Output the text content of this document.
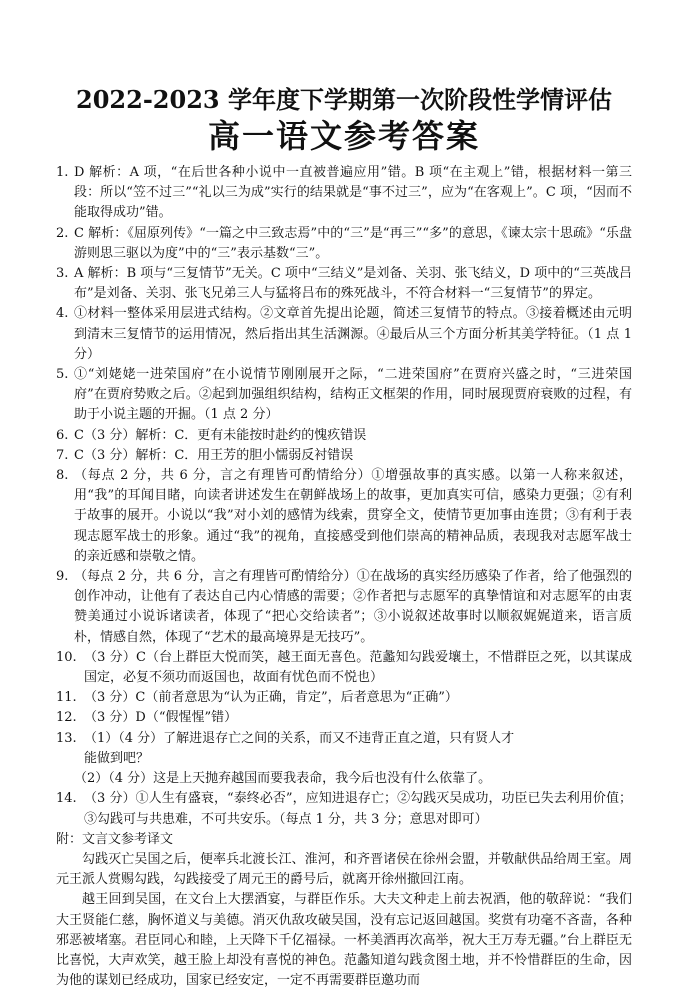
2022-2023 学年度下学期第一次阶段性学情评估
高一语文参考答案
1. D 解析：A 项，“在后世各种小说中一直被普遍应用”错。B 项“在主观上”错，根据材料一第三段：所以“笠不过三”“礼以三为成”实行的结果就是“事不过三”，应为“在客观上”。C 项，“因而不能取得成功”错。
2. C 解析：《屈原列传》“一篇之中三致志焉”中的“三”是“再三”“多”的意思，《谏太宗十思疏》“乐盘游则思三驱以为度”中的“三”表示基数“三”。
3. A 解析：B 项与“三复情节”无关。C 项中“三结义”是刘备、关羽、张飞结义，D 项中的“三英战吕布”是刘备、关羽、张飞兄弟三人与猛将吕布的殊死战斗，不符合材料一“三复情节”的界定。
4. ①材料一整体采用层进式结构。②文章首先提出论题，简述三复情节的特点。③接着概述由元明到清末三复情节的运用情况，然后指出其生活渊源。④最后从三个方面分析其美学特征。（1 点 1 分）
5. ①“刘姥姥一进荣国府”在小说情节刚刚展开之际，“二进荣国府”在贾府兴盛之时，“三进荣国府”在贾府势败之后。②起到加强组织结构，结构正文框架的作用，同时展现贾府衰败的过程，有助于小说主题的开掘。（1 点 2 分）
6. C（3 分）解析：C．更有未能按时赴约的愧疚错误
7. C（3 分）解析：C．用王芳的胆小懦弱反衬错误
8. （每点 2 分，共 6 分，言之有理皆可酌情给分）①增强故事的真实感。以第一人称来叙述，用“我”的耳闻目睹，向读者讲述发生在朝鲜战场上的故事，更加真实可信，感染力更强；②有利于故事的展开。小说以“我”对小刘的感情为线索，贯穿全文，使情节更加事由连贯；③有利于表现志愿军战士的形象。通过“我”的视角，直接感受到他们崇高的精神品质，表现我对志愿军战士的亲近感和崇敬之情。
9. （每点 2 分，共 6 分，言之有理皆可酌情给分）①在战场的真实经历感染了作者，给了他强烈的创作冲动，让他有了表达自己内心情感的需要；②作者把与志愿军的真挚情谊和对志愿军的由衷赞美通过小说诉诸读者，体现了“把心交给读者”；③小说叙述故事时以顺叙娓娓道来，语言质朴，情感自然，体现了“艺术的最高境界是无技巧”。
10. （3 分）C（台上群臣大悦而笑，越王面无喜色。范蠡知勾践爱壤土，不惜群臣之死，以其谋成国定，必复不须功而返国也，故面有忧色而不悦也）
11. （3 分）C（前者意思为“认为正确，肯定”，后者意思为“正确”）
12. （3 分）D（“假惺惺”错）
13. （1）（4 分）了解进退存亡之间的关系，而又不违背正直之道，只有贤人才
能做到吧？
（2）（4 分）这是上天抛弃越国而要我表命，我今后也没有什么依靠了。
14. （3 分）①人生有盛衰，“泰终必否”，应知进退存亡；②勾践灭吴成功，功臣已失去利用价值；③勾践可与共患难，不可共安乐。（每点 1 分，共 3 分；意思对即可）
附：文言文参考译文
勾践灭亡吴国之后，便率兵北渡长江、淮河，和齐晋诸侯在徐州会盟，并敬献供品给周王室。周元王派人赏赐勾践，勾践接受了周元王的爵号后，就离开徐州撤回江南。
越王回到吴国，在文台上大摆酒宴，与群臣作乐。大夫文种走上前去祝酒，他的敬辞说：“我们大王贤能仁慈，胸怀道义与美德。消灭仇敌攻破吴国，没有忘记返回越国。奖赏有功毫不吝啬，各种邪恶被堵塞。君臣同心和睦，上天降下千亿福禄。一杯美酒再次高举，祝大王万寿无疆。”台上群臣无比喜悦，大声欢笑，越王脸上却没有喜悦的神色。范蠡知道勾践贪图土地，并不怜惜群臣的生命，因为他的谋划已经成功，国家已经安定，一定不再需要群臣邀功而
